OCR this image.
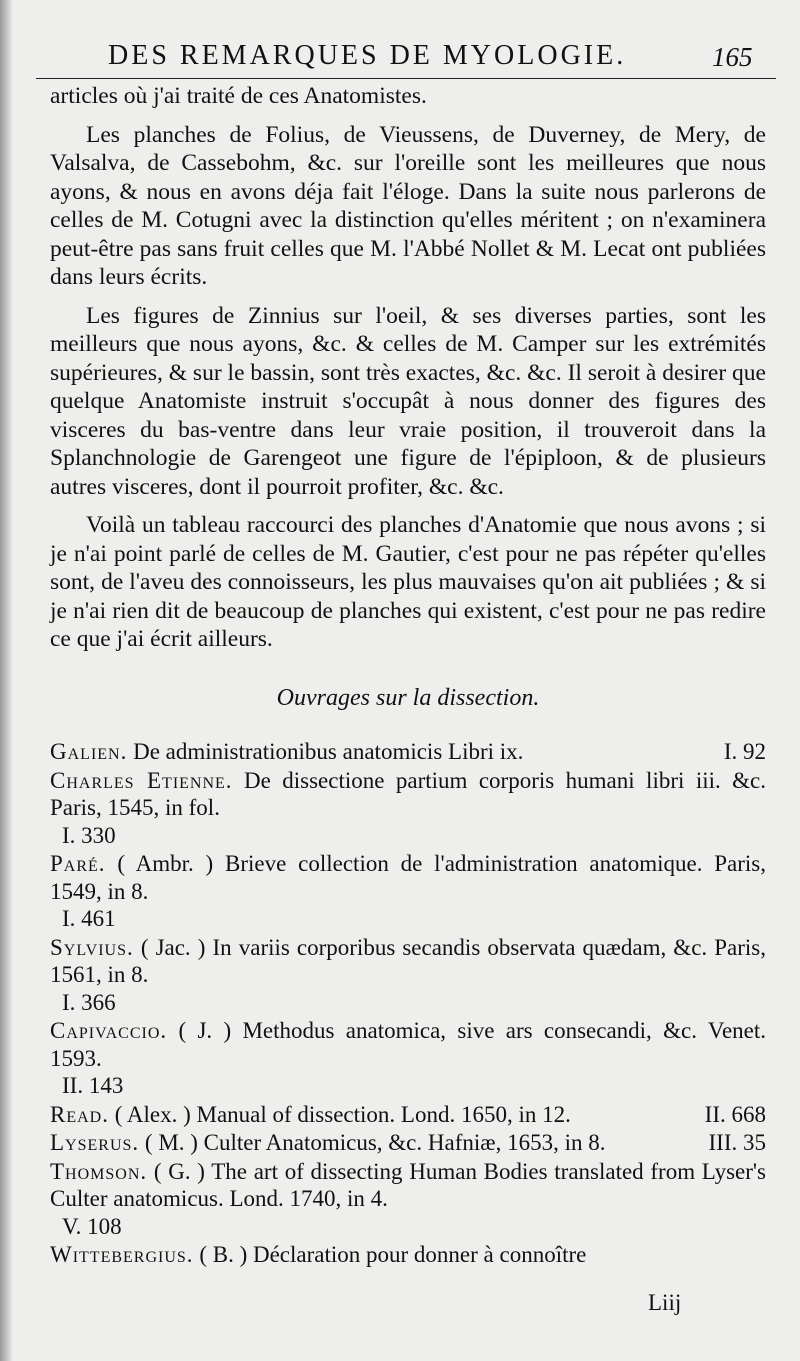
DES REMARQUES DE MYOLOGIE.	165

articles où j'ai traité de ces Anatomistes.

Les planches de Folius, de Vieussens, de Duverney, de Mery, de Valsalva, de Cassebohm, &c. sur l'oreille sont les meilleures que nous ayons, & nous en avons déja fait l'éloge. Dans la suite nous parlerons de celles de M. Cotugni avec la distinction qu'elles méritent ; on n'examinera peut-être pas sans fruit celles que M. l'Abbé Nollet & M. Lecat ont publiées dans leurs écrits.

Les figures de Zinnius sur l'oeil, & ses diverses parties, sont les meilleurs que nous ayons, &c. & celles de M. Camper sur les extrémités supérieures, & sur le bassin, sont très exactes, &c. &c. Il seroit à desirer que quelque Anatomiste instruit s'occupât à nous donner des figures des visceres du bas-ventre dans leur vraie position, il trouveroit dans la Splanchnologie de Garengeot une figure de l'épiploon, & de plusieurs autres visceres, dont il pourroit profiter, &c. &c.

Voilà un tableau raccourci des planches d'Anatomie que nous avons ; si je n'ai point parlé de celles de M. Gautier, c'est pour ne pas répéter qu'elles sont, de l'aveu des connoisseurs, les plus mauvaises qu'on ait publiées ; & si je n'ai rien dit de beaucoup de planches qui existent, c'est pour ne pas redire ce que j'ai écrit ailleurs.

Ouvrages sur la dissection.
Galien. De administrationibus anatomicis Libri ix.	I. 92
Charles Etienne. De dissectione partium corporis humani libri iii. &c. Paris, 1545, in fol.
I. 330
Paré. ( Ambr. ) Brieve collection de l'administration anatomique. Paris, 1549, in 8.
I. 461
Sylvius. ( Jac. ) In variis corporibus secandis observata quædam, &c. Paris, 1561, in 8.
I. 366
Capivaccio. ( J. ) Methodus anatomica, sive ars consecandi, &c. Venet. 1593.
II. 143
Read. ( Alex. ) Manual of dissection. Lond. 1650, in 12.	II. 668
Lyserus. ( M. ) Culter Anatomicus, &c. Hafniæ, 1653, in 8.	III. 35
Thomson. ( G. ) The art of dissecting Human Bodies translated from Lyser's Culter anatomicus. Lond. 1740, in 4.
V. 108
Wittebergius. ( B. ) Déclaration pour donner à connoître
Liij
